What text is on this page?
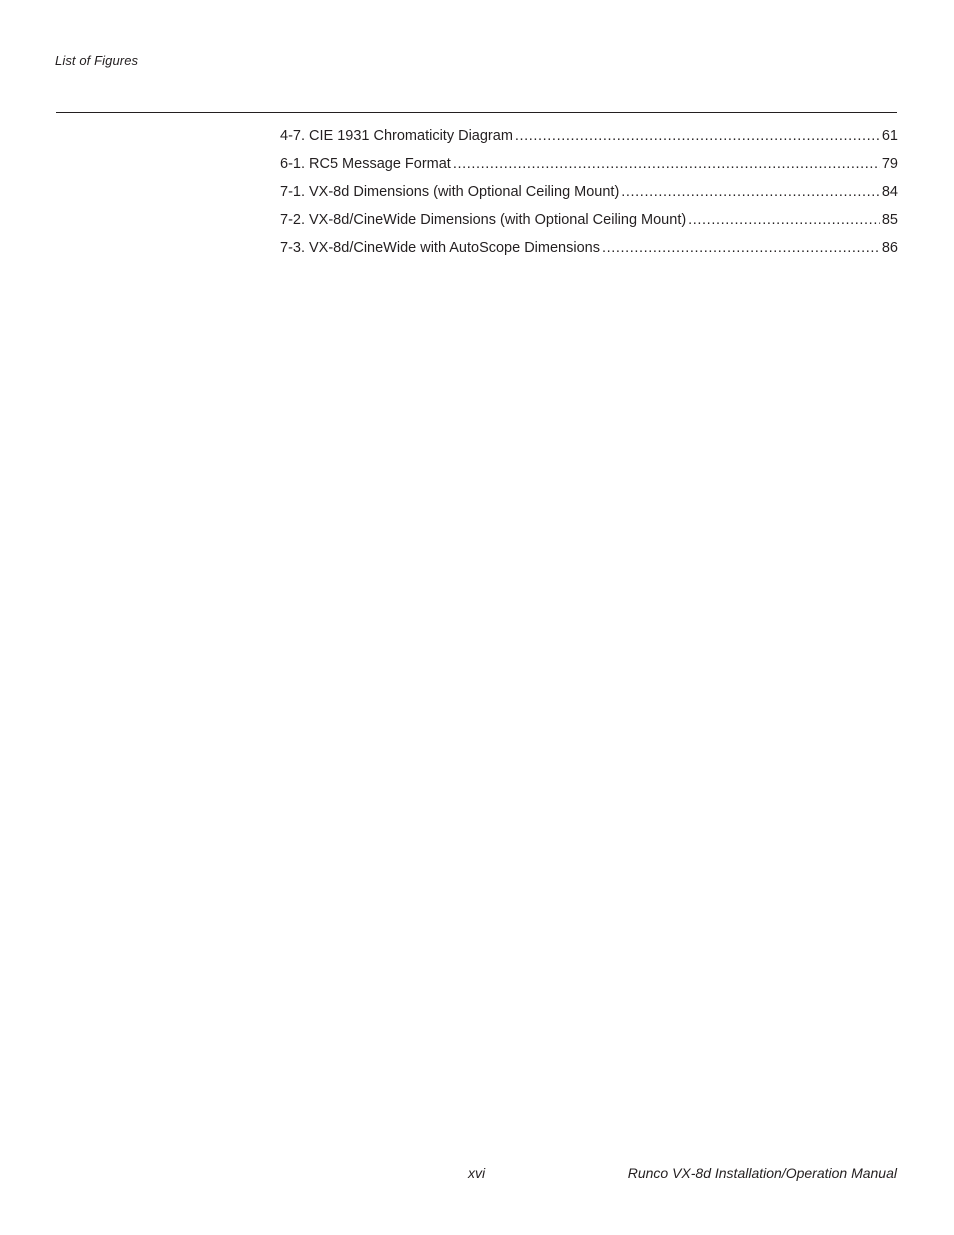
List of Figures
4-7. CIE 1931 Chromaticity Diagram .....	61
6-1. RC5 Message Format .....	79
7-1. VX-8d Dimensions (with Optional Ceiling Mount) .....	84
7-2. VX-8d/CineWide Dimensions (with Optional Ceiling Mount) .....	85
7-3. VX-8d/CineWide with AutoScope Dimensions .....	86
xvi	Runco VX-8d Installation/Operation Manual
